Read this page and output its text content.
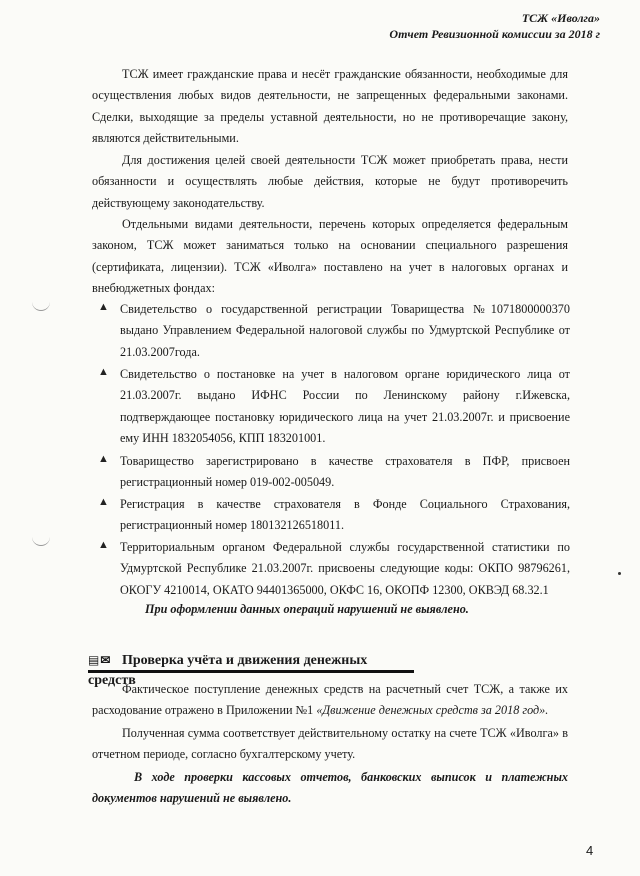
ТСЖ «Иволга»
Отчет Ревизионной комиссии за 2018 г
ТСЖ имеет гражданские права и несёт гражданские обязанности, необходимые для осуществления любых видов деятельности, не запрещенных федеральными законами. Сделки, выходящие за пределы уставной деятельности, но не противоречащие закону, являются действительными.
Для достижения целей своей деятельности ТСЖ может приобретать права, нести обязанности и осуществлять любые действия, которые не будут противоречить действующему законодательству.
Отдельными видами деятельности, перечень которых определяется федеральным законом, ТСЖ может заниматься только на основании специального разрешения (сертификата, лицензии). ТСЖ «Иволга» поставлено на учет в налоговых органах и внебюджетных фондах:
▲ Свидетельство о государственной регистрации Товарищества №1071800000370 выдано Управлением Федеральной налоговой службы по Удмуртской Республике от 21.03.2007года.
▲ Свидетельство о постановке на учет в налоговом органе юридического лица от 21.03.2007г. выдано ИФНС России по Ленинскому району г.Ижевска, подтверждающее постановку юридического лица на учет 21.03.2007г. и присвоение ему ИНН 1832054056, КПП 183201001.
▲ Товарищество зарегистрировано в качестве страхователя в ПФР, присвоен регистрационный номер 019-002-005049.
▲ Регистрация в качестве страхователя в Фонде Социального Страхования, регистрационный номер 180132126518011.
▲ Территориальным органом Федеральной службы государственной статистики по Удмуртской Республике 21.03.2007г. присвоены следующие коды: ОКПО 98796261, ОКОГУ 4210014, ОКАТО 94401365000, ОКФС 16, ОКОПФ 12300, ОКВЭД 68.32.1
При оформлении данных операций нарушений не выявлено.
▤✉ Проверка учёта и движения денежных средств
Фактическое поступление денежных средств на расчетный счет ТСЖ, а также их расходование отражено в Приложении №1 «Движение денежных средств за 2018 год».
Полученная сумма соответствует действительному остатку на счете ТСЖ «Иволга» в отчетном периоде, согласно бухгалтерскому учету.
В ходе проверки кассовых отчетов, банковских выписок и платежных документов нарушений не выявлено.
4
